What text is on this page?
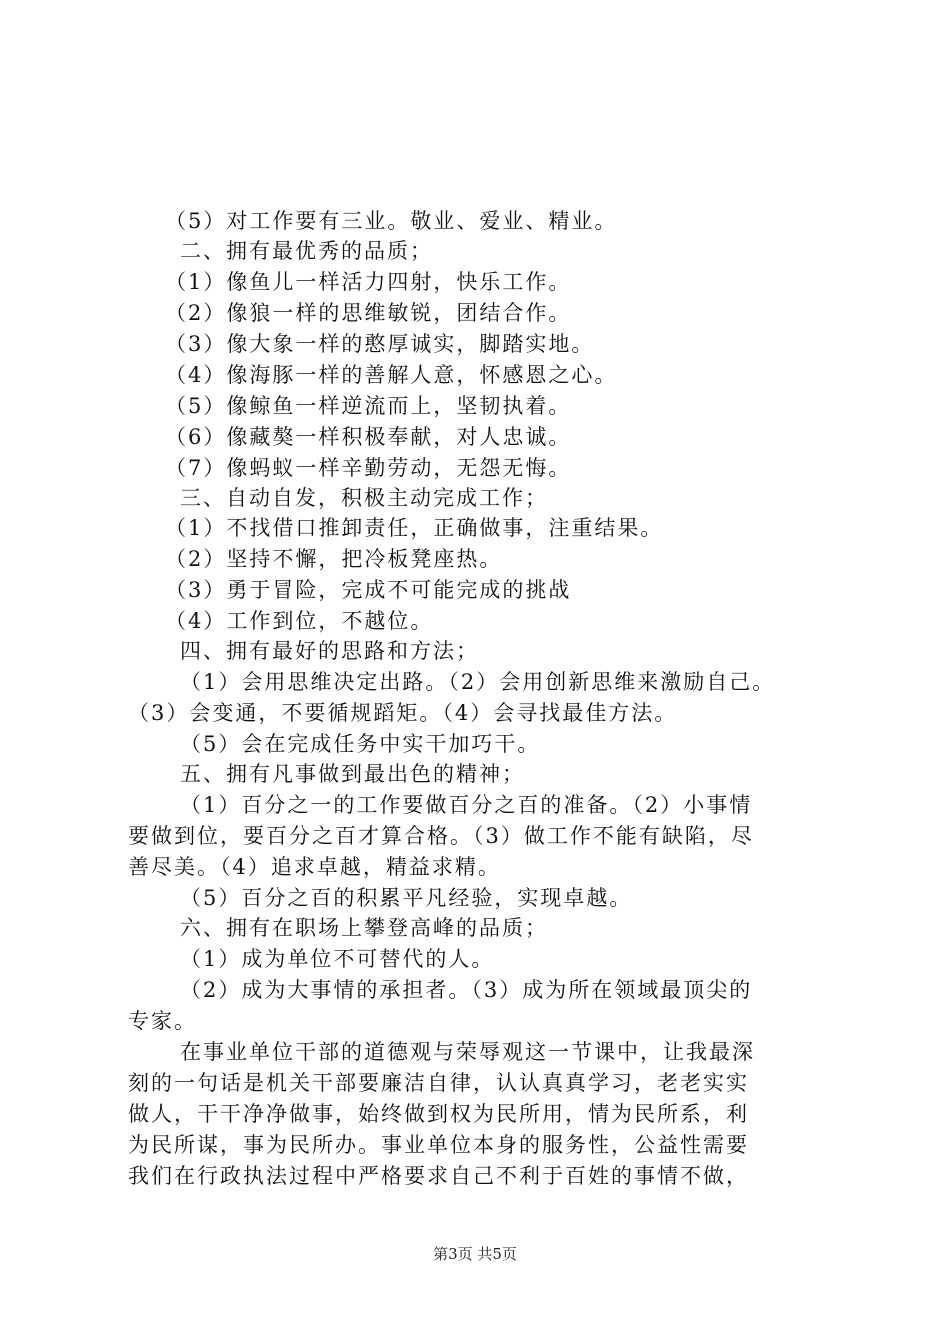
（5）对工作要有三业。敬业、爱业、精业。
二、拥有最优秀的品质；
（1）像鱼儿一样活力四射，快乐工作。
（2）像狼一样的思维敏锐，团结合作。
（3）像大象一样的憨厚诚实，脚踏实地。
（4）像海豚一样的善解人意，怀感恩之心。
（5）像鲸鱼一样逆流而上，坚韧执着。
（6）像藏獒一样积极奉献，对人忠诚。
（7）像蚂蚁一样辛勤劳动，无怨无悔。
三、自动自发，积极主动完成工作；
（1）不找借口推卸责任，正确做事，注重结果。
（2）坚持不懈，把冷板凳座热。
（3）勇于冒险，完成不可能完成的挑战
（4）工作到位，不越位。
四、拥有最好的思路和方法；
（1）会用思维决定出路。（2）会用创新思维来激励自己。
（3）会变通，不要循规蹈矩。（4）会寻找最佳方法。
（5）会在完成任务中实干加巧干。
五、拥有凡事做到最出色的精神；
（1）百分之一的工作要做百分之百的准备。（2）小事情
要做到位，要百分之百才算合格。（3）做工作不能有缺陷，尽
善尽美。（4）追求卓越，精益求精。
（5）百分之百的积累平凡经验，实现卓越。
六、拥有在职场上攀登高峰的品质；
（1）成为单位不可替代的人。
（2）成为大事情的承担者。（3）成为所在领域最顶尖的
专家。
在事业单位干部的道德观与荣辱观这一节课中，让我最深
刻的一句话是机关干部要廉洁自律，认认真真学习，老老实实
做人，干干净净做事，始终做到权为民所用，情为民所系，利
为民所谋，事为民所办。事业单位本身的服务性，公益性需要
我们在行政执法过程中严格要求自己不利于百姓的事情不做，
第3页 共5页
